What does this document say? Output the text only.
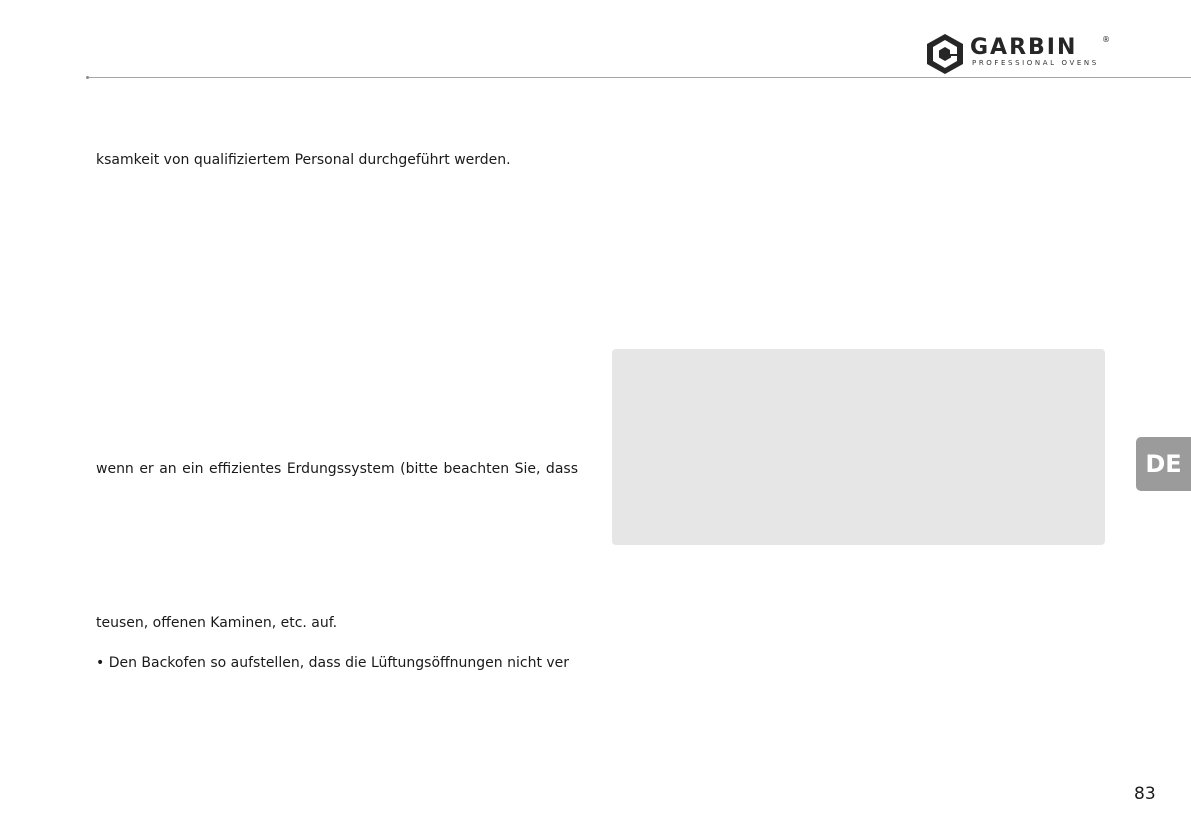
GARBIN	®
PROFESSIONAL OVENS
ksamkeit von qualifiziertem Personal durchgeführt werden.
wenn er an ein effizientes Erdungssystem (bitte beachten Sie, dass
teusen, offenen Kaminen, etc. auf.
• Den Backofen so aufstellen, dass die Lüftungsöffnungen nicht ver
DE
83
